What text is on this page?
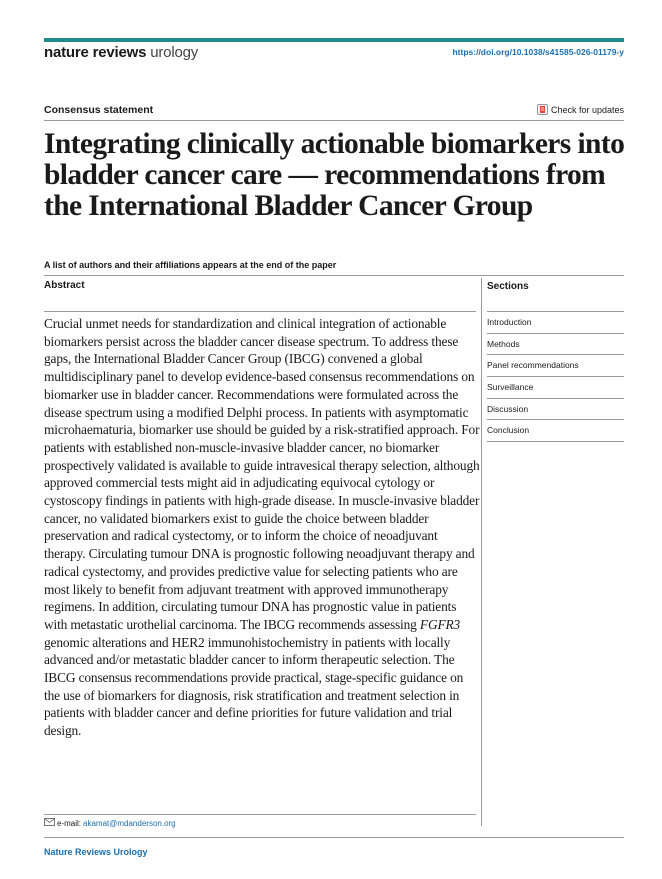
nature reviews urology	https://doi.org/10.1038/s41585-026-01179-y
Consensus statement	Check for updates
Integrating clinically actionable biomarkers into bladder cancer care — recommendations from the International Bladder Cancer Group
A list of authors and their affiliations appears at the end of the paper
Abstract	Sections
Introduction
Methods
Panel recommendations
Surveillance
Discussion
Conclusion

Crucial unmet needs for standardization and clinical integration of actionable biomarkers persist across the bladder cancer disease spectrum. To address these gaps, the International Bladder Cancer Group (IBCG) convened a global multidisciplinary panel to develop evidence-based consensus recommendations on biomarker use in bladder cancer. Recommendations were formulated across the disease spectrum using a modified Delphi process. In patients with asymptomatic microhaematuria, biomarker use should be guided by a risk-stratified approach. For patients with established non-muscle-invasive bladder cancer, no biomarker prospectively validated is available to guide intravesical therapy selection, although approved commercial tests might aid in adjudicating equivocal cytology or cystoscopy findings in patients with high-grade disease. In muscle-invasive bladder cancer, no validated biomarkers exist to guide the choice between bladder preservation and radical cystectomy, or to inform the choice of neoadjuvant therapy. Circulating tumour DNA is prognostic following neoadjuvant therapy and radical cystectomy, and provides predictive value for selecting patients who are most likely to benefit from adjuvant treatment with approved immunotherapy regimens. In addition, circulating tumour DNA has prognostic value in patients with metastatic urothelial carcinoma. The IBCG recommends assessing FGFR3 genomic alterations and HER2 immunohistochemistry in patients with locally advanced and/or metastatic bladder cancer to inform therapeutic selection. The IBCG consensus recommendations provide practical, stage-specific guidance on the use of biomarkers for diagnosis, risk stratification and treatment selection in patients with bladder cancer and define priorities for future validation and trial design.

e-mail: akamat@mdanderson.org
Nature Reviews Urology
